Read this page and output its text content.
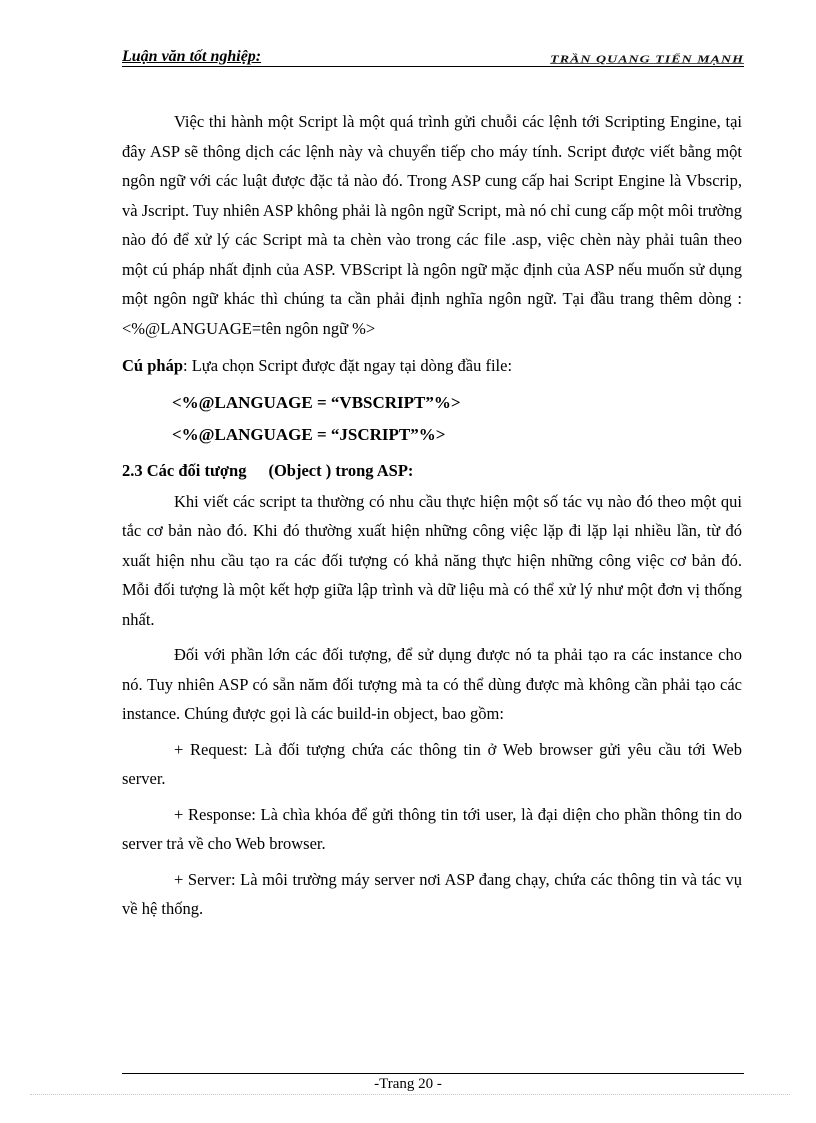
Luận văn tốt nghiệp:	TRẦN QUANG TIẾN MẠNH

Việc thi hành một Script là một quá trình gửi chuỗi các lệnh tới Scripting Engine, tại đây ASP sẽ thông dịch các lệnh này và chuyển tiếp cho máy tính. Script được viết bằng một ngôn ngữ với các luật được đặc tả nào đó. Trong ASP cung cấp hai Script Engine là Vbscrip, và Jscript. Tuy nhiên ASP không phải là ngôn ngữ Script, mà nó chỉ cung cấp một môi trường nào đó để xử lý các Script mà ta chèn vào trong các file .asp, việc chèn này phải tuân theo một cú pháp nhất định của ASP. VBScript là ngôn ngữ mặc định của ASP nếu muốn sử dụng một ngôn ngữ khác thì chúng ta cần phải định nghĩa ngôn ngữ. Tại đầu trang thêm dòng : <%@LANGUAGE=tên ngôn ngữ %>

Cú pháp: Lựa chọn Script được đặt ngay tại dòng đầu file:

<%@LANGUAGE = “VBSCRIPT”%>

<%@LANGUAGE = “JSCRIPT”%>

2.3 Các đối tượng (Object ) trong ASP:

Khi viết các script ta thường có nhu cầu thực hiện một số tác vụ nào đó theo một qui tắc cơ bản nào đó. Khi đó thường xuất hiện những công việc lặp đi lặp lại nhiều lần, từ đó xuất hiện nhu cầu tạo ra các đối tượng có khả năng thực hiện những công việc cơ bản đó. Mỗi đối tượng là một kết hợp giữa lập trình và dữ liệu mà có thể xử lý như một đơn vị thống nhất.

Đối với phần lớn các đối tượng, để sử dụng được nó ta phải tạo ra các instance cho nó. Tuy nhiên ASP có sẵn năm đối tượng mà ta có thể dùng được mà không cần phải tạo các instance. Chúng được gọi là các build-in object, bao gồm:

+ Request: Là đối tượng chứa các thông tin ở Web browser gửi yêu cầu tới Web server.

+ Response: Là chìa khóa để gửi thông tin tới user, là đại diện cho phần thông tin do server trả về cho Web browser.

+ Server: Là môi trường máy server nơi ASP đang chạy, chứa các thông tin và tác vụ về hệ thống.

-Trang 20 -
